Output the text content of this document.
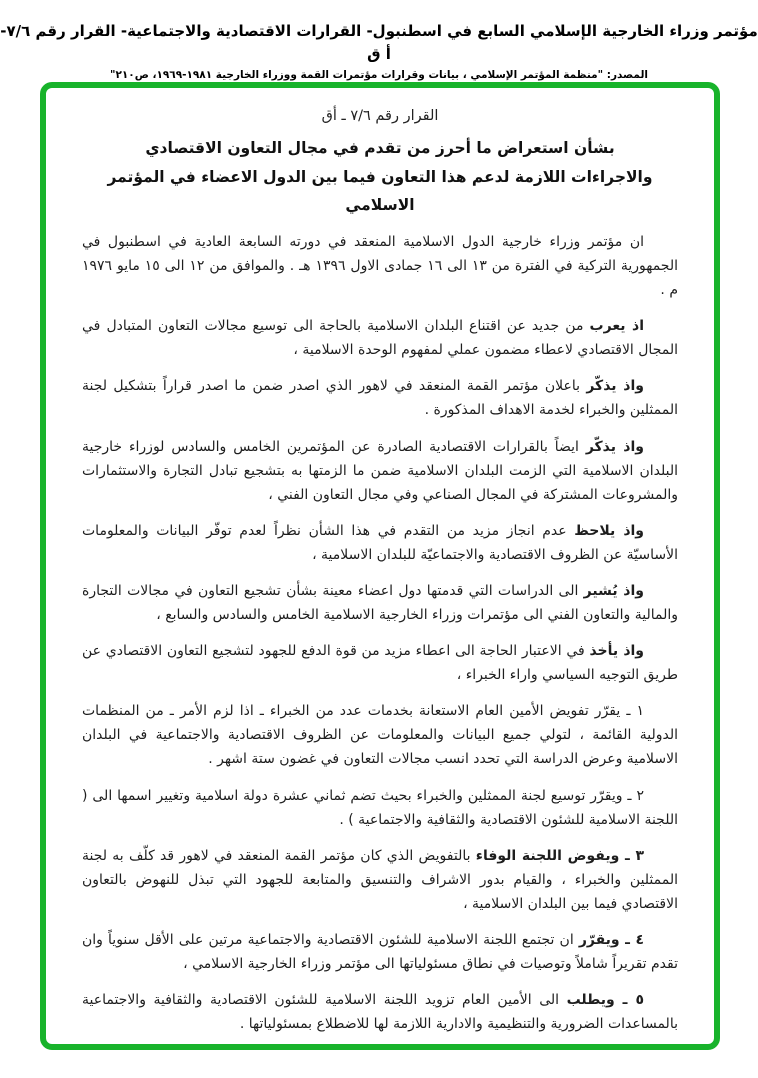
مؤتمر وزراء الخارجية الإسلامي السابع في اسطنبول- القرارات الاقتصادية والاجتماعية- القرار رقم ٧/٦- أ ق
المصدر: "منظمة المؤتمر الإسلامي ، بيانات وقرارات مؤتمرات القمة ووزراء الخارجية ١٩٦٩‎-‎١٩٨١، ص٢١٠"
القرار رقم ٧/٦ ـ أق
بشأن استعراض ما أحرز من تقدم في مجال التعاون الاقتصادي
والاجراءات اللازمة لدعم هذا التعاون فيما بين الدول الاعضاء في المؤتمر الاسلامي

ان مؤتمر وزراء خارجية الدول الاسلامية المنعقد في دورته السابعة العادية في اسطنبول في الجمهورية التركية في الفترة من ١٣ الى ١٦ جمادى الاول ١٣٩٦ هـ . والموافق من ١٢ الى ١٥ مايو ١٩٧٦ م .

اذ يعرب من جديد عن اقتناع البلدان الاسلامية بالحاجة الى توسيع مجالات التعاون المتبادل في المجال الاقتصادي لاعطاء مضمون عملي لمفهوم الوحدة الاسلامية ،

واذ يذكّر باعلان مؤتمر القمة المنعقد في لاهور الذي اصدر ضمن ما اصدر قراراً بتشكيل لجنة الممثلين والخبراء لخدمة الاهداف المذكورة .

واذ يذكّر ايضاً بالقرارات الاقتصادية الصادرة عن المؤتمرين الخامس والسادس لوزراء خارجية البلدان الاسلامية التي الزمت البلدان الاسلامية ضمن ما الزمتها به بتشجيع تبادل التجارة والاستثمارات والمشروعات المشتركة في المجال الصناعي وفي مجال التعاون الفني ،

واذ يلاحظ عدم انجاز مزيد من التقدم في هذا الشأن نظراً لعدم توفّر البيانات والمعلومات الأساسيّة عن الظروف الاقتصادية والاجتماعيّة للبلدان الاسلامية ،

واذ يُشير الى الدراسات التي قدمتها دول اعضاء معينة بشأن تشجيع التعاون في مجالات التجارة والمالية والتعاون الفني الى مؤتمرات وزراء الخارجية الاسلامية الخامس والسادس والسابع ،

واذ يأخذ في الاعتبار الحاجة الى اعطاء مزيد من قوة الدفع للجهود لتشجيع التعاون الاقتصادي عن طريق التوجيه السياسي واراء الخبراء ،

١ ـ يقرّر تفويض الأمين العام الاستعانة بخدمات عدد من الخبراء ـ اذا لزم الأمر ـ من المنظمات الدولية القائمة ، لتولي جميع البيانات والمعلومات عن الظروف الاقتصادية والاجتماعية في البلدان الاسلامية وعرض الدراسة التي تحدد انسب مجالات التعاون في غضون ستة اشهر .

٢ ـ ويقرّر توسيع لجنة الممثلين والخبراء بحيث تضم ثماني عشرة دولة اسلامية وتغيير اسمها الى ( اللجنة الاسلامية للشئون الاقتصادية والثقافية والاجتماعية ) .

٣ ـ ويفوض اللجنة الوفاء بالتفويض الذي كان مؤتمر القمة المنعقد في لاهور قد كلّف به لجنة الممثلين والخبراء ، والقيام بدور الاشراف والتنسيق والمتابعة للجهود التي تبذل للنهوض بالتعاون الاقتصادي فيما بين البلدان الاسلامية ،

٤ ـ ويقرّر ان تجتمع اللجنة الاسلامية للشئون الاقتصادية والاجتماعية مرتين على الأقل سنوياً وان تقدم تقريراً شاملاً وتوصيات في نطاق مسئولياتها الى مؤتمر وزراء الخارجية الاسلامي ،

٥ ـ ويطلب الى الأمين العام تزويد اللجنة الاسلامية للشئون الاقتصادية والثقافية والاجتماعية بالمساعدات الضرورية والتنظيمية والادارية اللازمة لها للاضطلاع بمسئولياتها .
